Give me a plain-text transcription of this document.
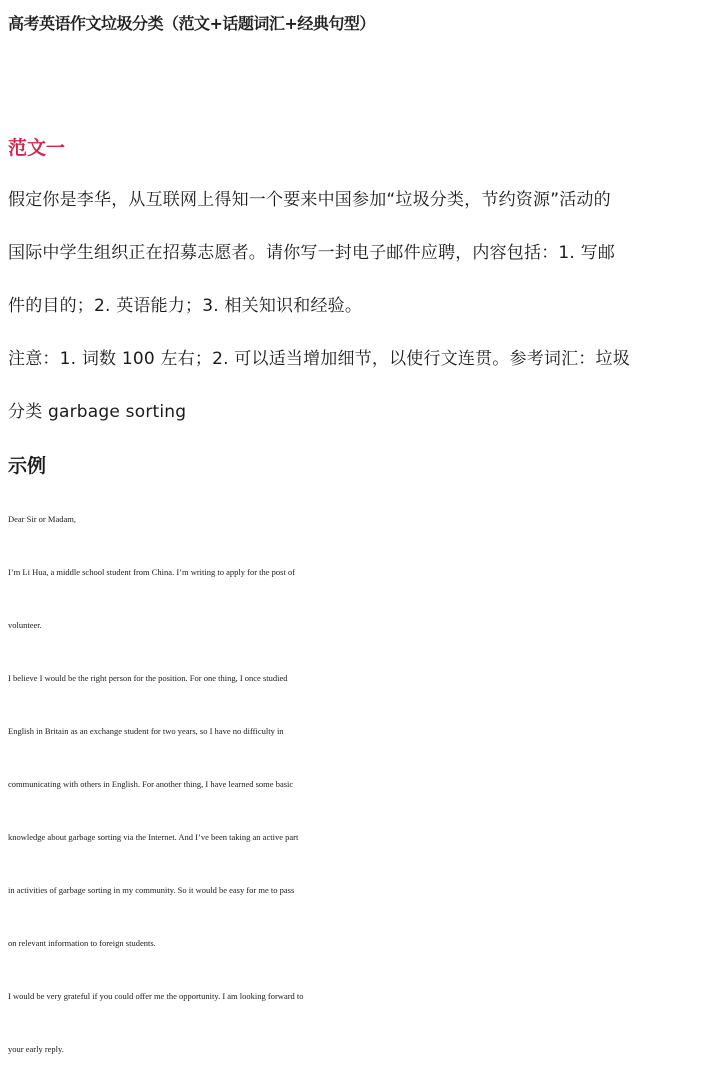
高考英语作文垃圾分类（范文+话题词汇+经典句型）
范文一
假定你是李华，从互联网上得知一个要来中国参加“垃圾分类，节约资源”活动的
国际中学生组织正在招募志愿者。请你写一封电子邮件应聘，内容包括：1. 写邮
件的目的；2. 英语能力；3. 相关知识和经验。
注意：1. 词数 100 左右；2. 可以适当增加细节，以使行文连贯。参考词汇：垃圾
分类 garbage sorting
示例
Dear Sir or Madam,
I’m Li Hua, a middle school student from China. I’m writing to apply for the post of
volunteer.
I believe I would be the right person for the position. For one thing, I once studied
English in Britain as an exchange student for two years, so I have no difficulty in
communicating with others in English. For another thing, I have learned some basic
knowledge about garbage sorting via the Internet. And I’ve been taking an active part
in activities of garbage sorting in my community. So it would be easy for me to pass
on relevant information to foreign students.
I would be very grateful if you could offer me the opportunity. I am looking forward to
your early reply.
